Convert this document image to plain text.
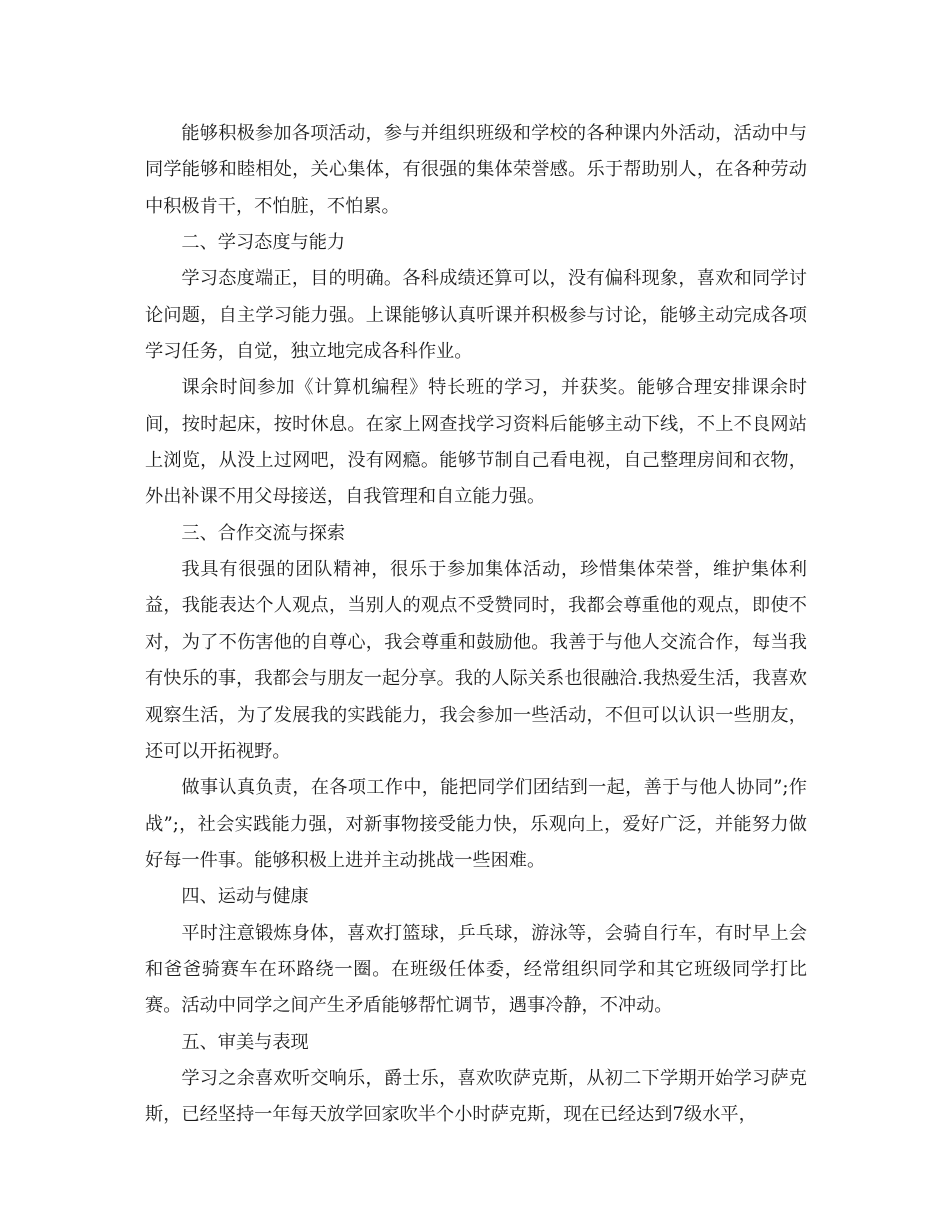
能够积极参加各项活动，参与并组织班级和学校的各种课内外活动，活动中与同学能够和睦相处，关心集体，有很强的集体荣誉感。乐于帮助别人，在各种劳动中积极肯干，不怕脏，不怕累。

二、学习态度与能力

学习态度端正，目的明确。各科成绩还算可以，没有偏科现象，喜欢和同学讨论问题，自主学习能力强。上课能够认真听课并积极参与讨论，能够主动完成各项学习任务，自觉，独立地完成各科作业。

课余时间参加《计算机编程》特长班的学习，并获奖。能够合理安排课余时间，按时起床，按时休息。在家上网查找学习资料后能够主动下线，不上不良网站上浏览，从没上过网吧，没有网瘾。能够节制自己看电视，自己整理房间和衣物，外出补课不用父母接送，自我管理和自立能力强。

三、合作交流与探索

我具有很强的团队精神，很乐于参加集体活动，珍惜集体荣誉，维护集体利益，我能表达个人观点，当别人的观点不受赞同时，我都会尊重他的观点，即使不对，为了不伤害他的自尊心，我会尊重和鼓励他。我善于与他人交流合作，每当我有快乐的事，我都会与朋友一起分享。我的人际关系也很融洽.我热爱生活，我喜欢观察生活，为了发展我的实践能力，我会参加一些活动，不但可以认识一些朋友，还可以开拓视野。

做事认真负责，在各项工作中，能把同学们团结到一起，善于与他人协同”;作战”;，社会实践能力强，对新事物接受能力快，乐观向上，爱好广泛，并能努力做好每一件事。能够积极上进并主动挑战一些困难。

四、运动与健康

平时注意锻炼身体，喜欢打篮球，乒乓球，游泳等，会骑自行车，有时早上会和爸爸骑赛车在环路绕一圈。在班级任体委，经常组织同学和其它班级同学打比赛。活动中同学之间产生矛盾能够帮忙调节，遇事冷静，不冲动。

五、审美与表现

学习之余喜欢听交响乐，爵士乐，喜欢吹萨克斯，从初二下学期开始学习萨克斯，已经坚持一年每天放学回家吹半个小时萨克斯，现在已经达到7级水平，
